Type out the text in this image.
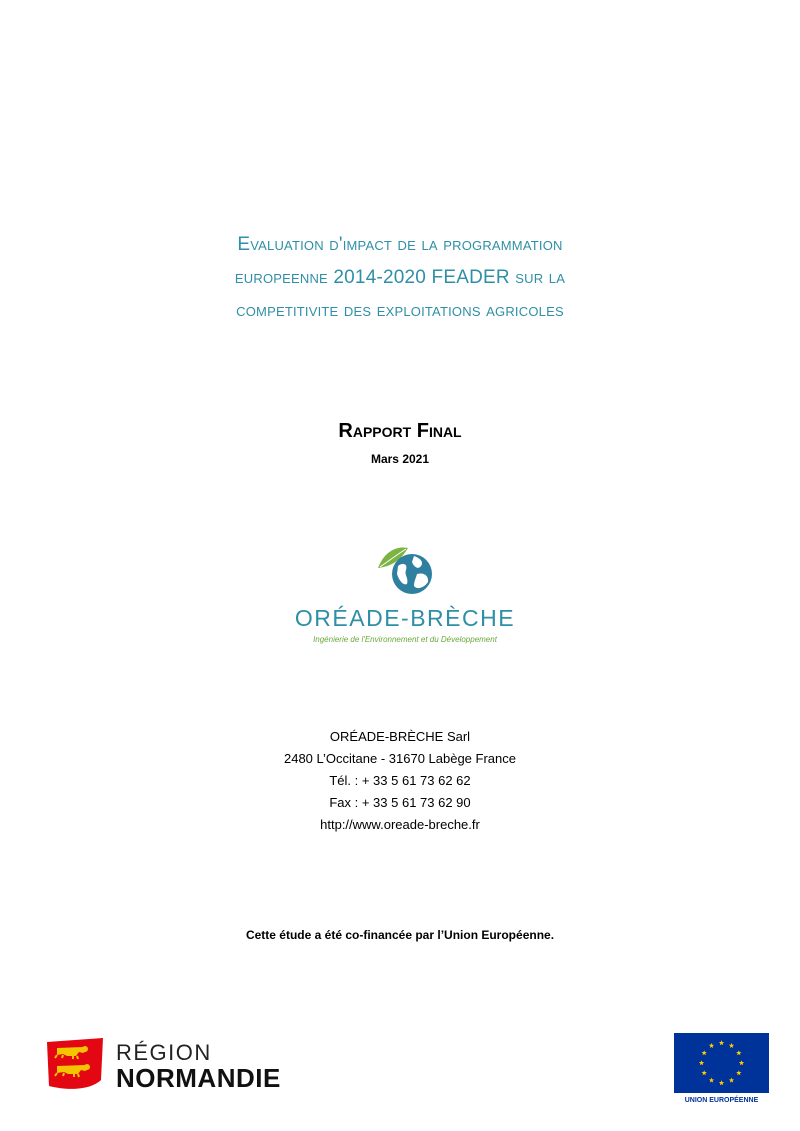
Evaluation d'impact de la programmation
europeenne 2014-2020 FEADER sur la
competitivite des exploitations agricoles
Rapport Final
Mars 2021
ORÉADE-BRÈCHE
Ingénierie de l'Environnement et du Développement
ORÉADE-BRÈCHE Sarl
2480 L’Occitane - 31670 Labège France
Tél. : + 33 5 61 73 62 62
Fax : + 33 5 61 73 62 90
http://www.oreade-breche.fr
Cette étude a été co-financée par l’Union Européenne.
RÉGION
NORMANDIE
UNION EUROPÉENNE
